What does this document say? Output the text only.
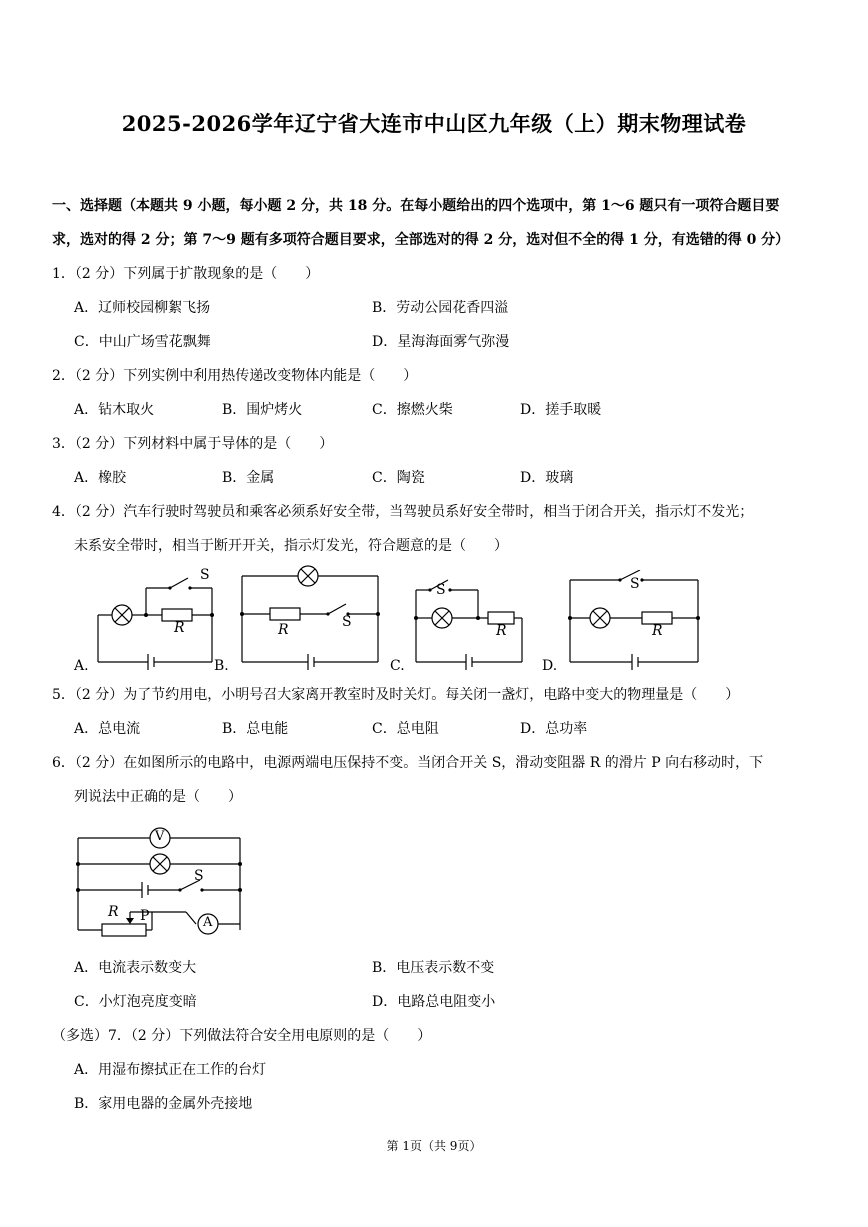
2025-2026学年辽宁省大连市中山区九年级（上）期末物理试卷
一、选择题（本题共 9 小题，每小题 2 分，共 18 分。在每小题给出的四个选项中，第 1～6 题只有一项符合题目要
求，选对的得 2 分；第 7～9 题有多项符合题目要求，全部选对的得 2 分，选对但不全的得 1 分，有选错的得 0 分）
1．（2 分）下列属于扩散现象的是（　　）
A．辽师校园柳絮飞扬	B．劳动公园花香四溢
C．中山广场雪花飘舞	D．星海海面雾气弥漫
2．（2 分）下列实例中利用热传递改变物体内能是（　　）
A．钻木取火	B．围炉烤火	C．擦燃火柴	D．搓手取暖
3．（2 分）下列材料中属于导体的是（　　）
A．橡胶	B．金属	C．陶瓷	D．玻璃
4．（2 分）汽车行驶时驾驶员和乘客必须系好安全带，当驾驶员系好安全带时，相当于闭合开关，指示灯不发光；
未系安全带时，相当于断开开关，指示灯发光，符合题意的是（　　）
S
R
A.
R	S
B.
S
R
C.
S
R
D.
5．（2 分）为了节约用电，小明号召大家离开教室时及时关灯。每关闭一盏灯，电路中变大的物理量是（　　）
A．总电流	B．总电能	C．总电阻	D．总功率
6．（2 分）在如图所示的电路中，电源两端电压保持不变。当闭合开关 S，滑动变阻器 R 的滑片 P 向右移动时，下
列说法中正确的是（　　）
V
A
S
R P
A．电流表示数变大	B．电压表示数不变
C．小灯泡亮度变暗	D．电路总电阻变小
（多选）7．（2 分）下列做法符合安全用电原则的是（　　）
A．用湿布擦拭正在工作的台灯
B．家用电器的金属外壳接地
第 1页（共 9页）
